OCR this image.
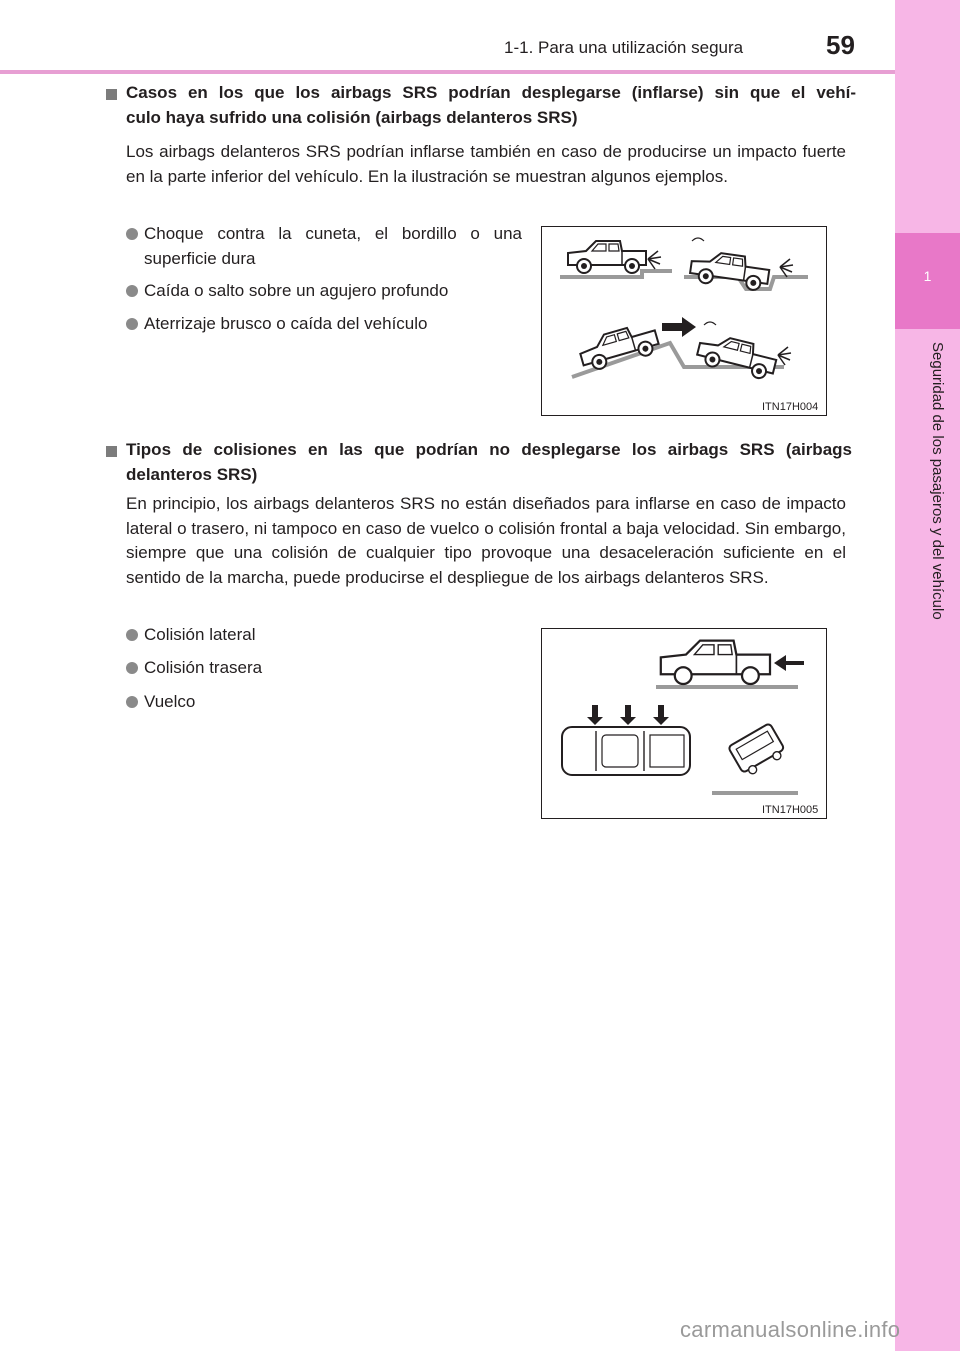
1-1. Para una utilización segura	59
1
Seguridad de los pasajeros y del vehículo
Casos en los que los airbags SRS podrían desplegarse (inflarse) sin que el vehí-
culo haya sufrido una colisión (airbags delanteros SRS)
Los airbags delanteros SRS podrían inflarse también en caso de producirse un impacto fuerte en la parte inferior del vehículo. En la ilustración se muestran algunos ejemplos.
Choque contra la cuneta, el bordillo o una superficie dura
Caída o salto sobre un agujero profundo
Aterrizaje brusco o caída del vehículo
ITN17H004
Tipos de colisiones en las que podrían no desplegarse los airbags SRS (airbags delanteros SRS)
En principio, los airbags delanteros SRS no están diseñados para inflarse en caso de impacto lateral o trasero, ni tampoco en caso de vuelco o colisión frontal a baja velocidad. Sin embargo, siempre que una colisión de cualquier tipo provoque una desaceleración suficiente en el sentido de la marcha, puede producirse el despliegue de los airbags delanteros SRS.
Colisión lateral
Colisión trasera
Vuelco
ITN17H005
carmanualsonline.info
